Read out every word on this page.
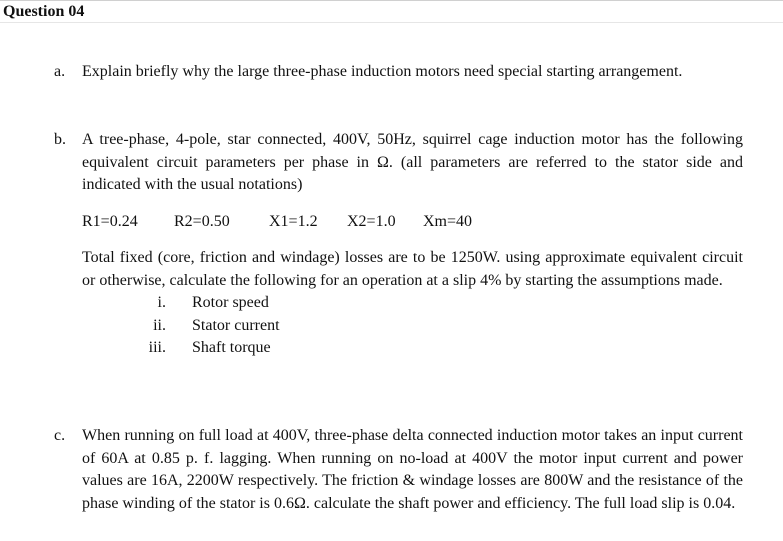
Question 04
a.	Explain briefly why the large three-phase induction motors need special starting arrangement.

b.	A tree-phase, 4-pole, star connected, 400V, 50Hz, squirrel cage induction motor has the following equivalent circuit parameters per phase in Ω. (all parameters are referred to the stator side and indicated with the usual notations)

R1=0.24 R2=0.50 X1=1.2 X2=1.0 Xm=40

Total fixed (core, friction and windage) losses are to be 1250W. using approximate equivalent circuit or otherwise, calculate the following for an operation at a slip 4% by starting the assumptions made.

i. Rotor speed
ii. Stator current
iii. Shaft torque
c.	When running on full load at 400V, three-phase delta connected induction motor takes an input current of 60A at 0.85 p. f. lagging. When running on no-load at 400V the motor input current and power values are 16A, 2200W respectively. The friction & windage losses are 800W and the resistance of the phase winding of the stator is 0.6Ω. calculate the shaft power and efficiency. The full load slip is 0.04.
